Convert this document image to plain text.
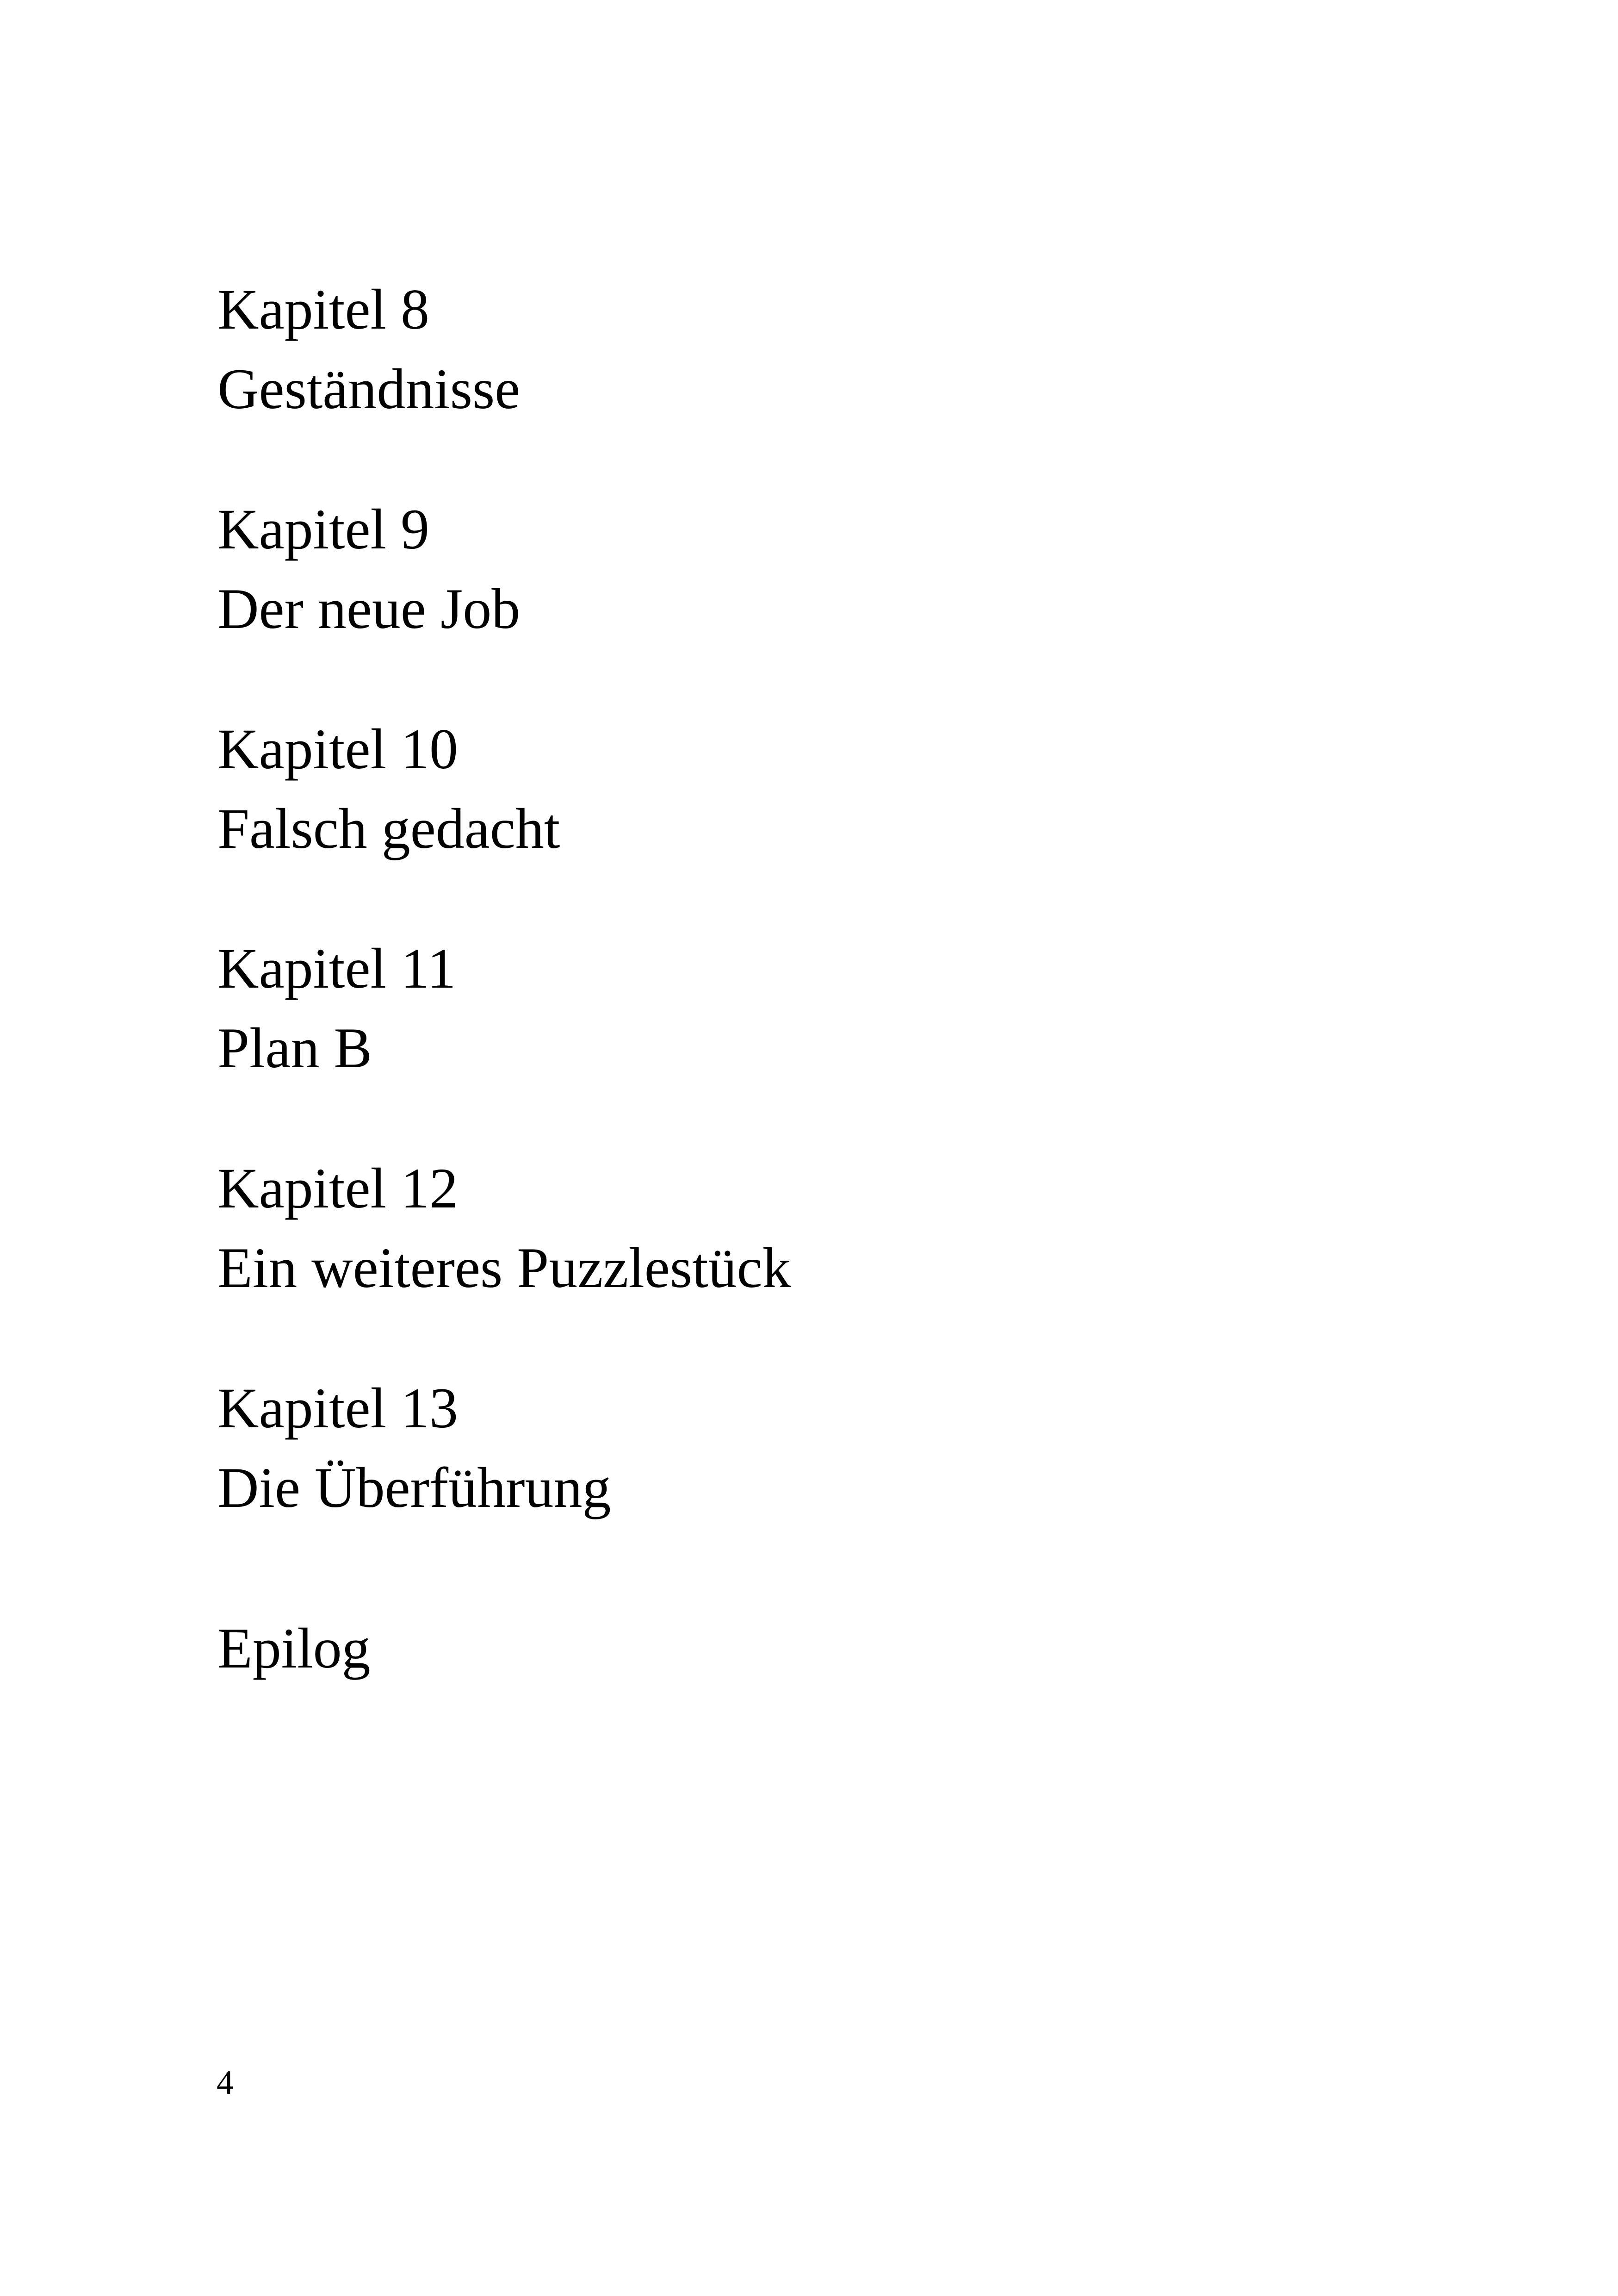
Kapitel 8
Geständnisse
Kapitel 9
Der neue Job
Kapitel 10
Falsch gedacht
Kapitel 11
Plan B
Kapitel 12
Ein weiteres Puzzlestück
Kapitel 13
Die Überführung
Epilog

4
